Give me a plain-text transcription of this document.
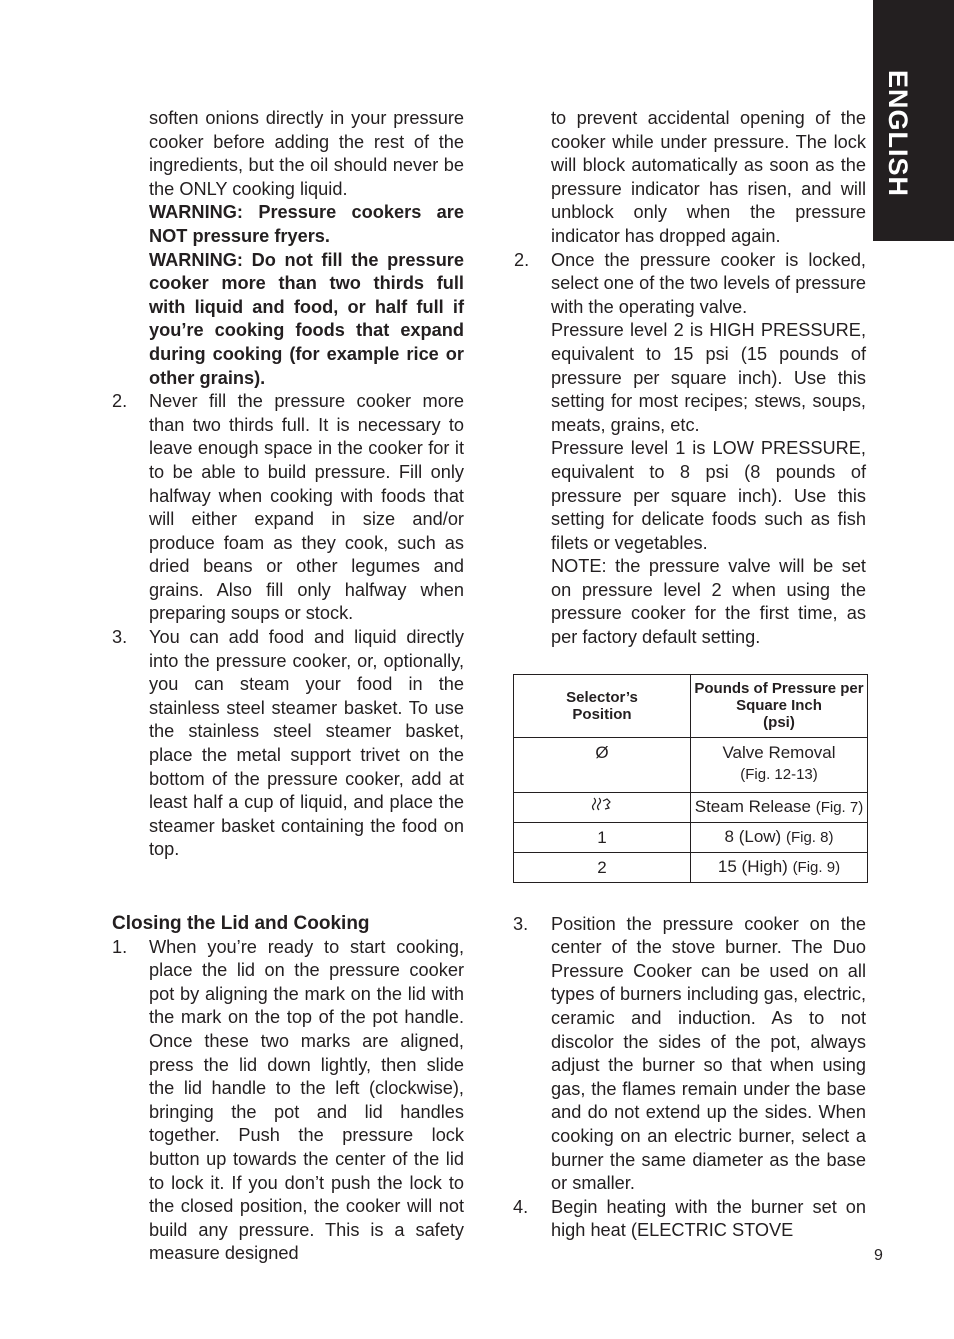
ENGLISH

soften onions directly in your pressure cooker before adding the rest of the ingredients, but the oil should never be the ONLY cooking liquid.

WARNING: Pressure cookers are NOT pressure fryers.

WARNING: Do not fill the pressure cooker more than two thirds full with liquid and food, or half full if you’re cooking foods that expand during cooking (for example rice or other grains).

2. Never fill the pressure cooker more than two thirds full. It is necessary to leave enough space in the cooker for it to be able to build pressure. Fill only halfway when cooking with foods that will either expand in size and/or produce foam as they cook, such as dried beans or other legumes and grains. Also fill only halfway when preparing soups or stock.

3. You can add food and liquid directly into the pressure cooker, or, optionally, you can steam your food in the stainless steel steamer basket. To use the stainless steel steamer basket, place the metal support trivet on the bottom of the pressure cooker, add at least half a cup of liquid, and place the steamer basket containing the food on top.

Closing the Lid and Cooking
1. When you’re ready to start cooking, place the lid on the pressure cooker pot by aligning the mark on the lid with the mark on the top of the pot handle. Once these two marks are aligned, press the lid down lightly, then slide the lid handle to the left (clockwise), bringing the pot and lid handles together. Push the pressure lock button up towards the center of the lid to lock it. If you don’t push the lock to the closed position, the cooker will not build any pressure. This is a safety measure designed

to prevent accidental opening of the cooker while under pressure. The lock will block automatically as soon as the pressure indicator has risen, and will unblock only when the pressure indicator has dropped again.

2. Once the pressure cooker is locked, select one of the two levels of pressure with the operating valve.

Pressure level 2 is HIGH PRESSURE, equivalent to 15 psi (15 pounds of pressure per square inch). Use this setting for most recipes; stews, soups, meats, grains, etc.

Pressure level 1 is LOW PRESSURE, equivalent to 8 psi (8 pounds of pressure per square inch). Use this setting for delicate foods such as fish filets or vegetables.

NOTE: the pressure valve will be set on pressure level 2 when using the pressure cooker for the first time, as per factory default setting.

Selector’s
Position	Pounds of Pressure per
Square Inch
(psi)
Ø	Valve Removal
(Fig. 12-13)
	Steam Release (Fig. 7)
1	8 (Low) (Fig. 8)
2	15 (High) (Fig. 9)
3. Position the pressure cooker on the center of the stove burner. The Duo Pressure Cooker can be used on all types of burners including gas, electric, ceramic and induction. As to not discolor the sides of the pot, always adjust the burner so that when using gas, the flames remain under the base and do not extend up the sides. When cooking on an electric burner, select a burner the same diameter as the base or smaller.

4. Begin heating with the burner set on high heat (ELECTRIC STOVE

9
